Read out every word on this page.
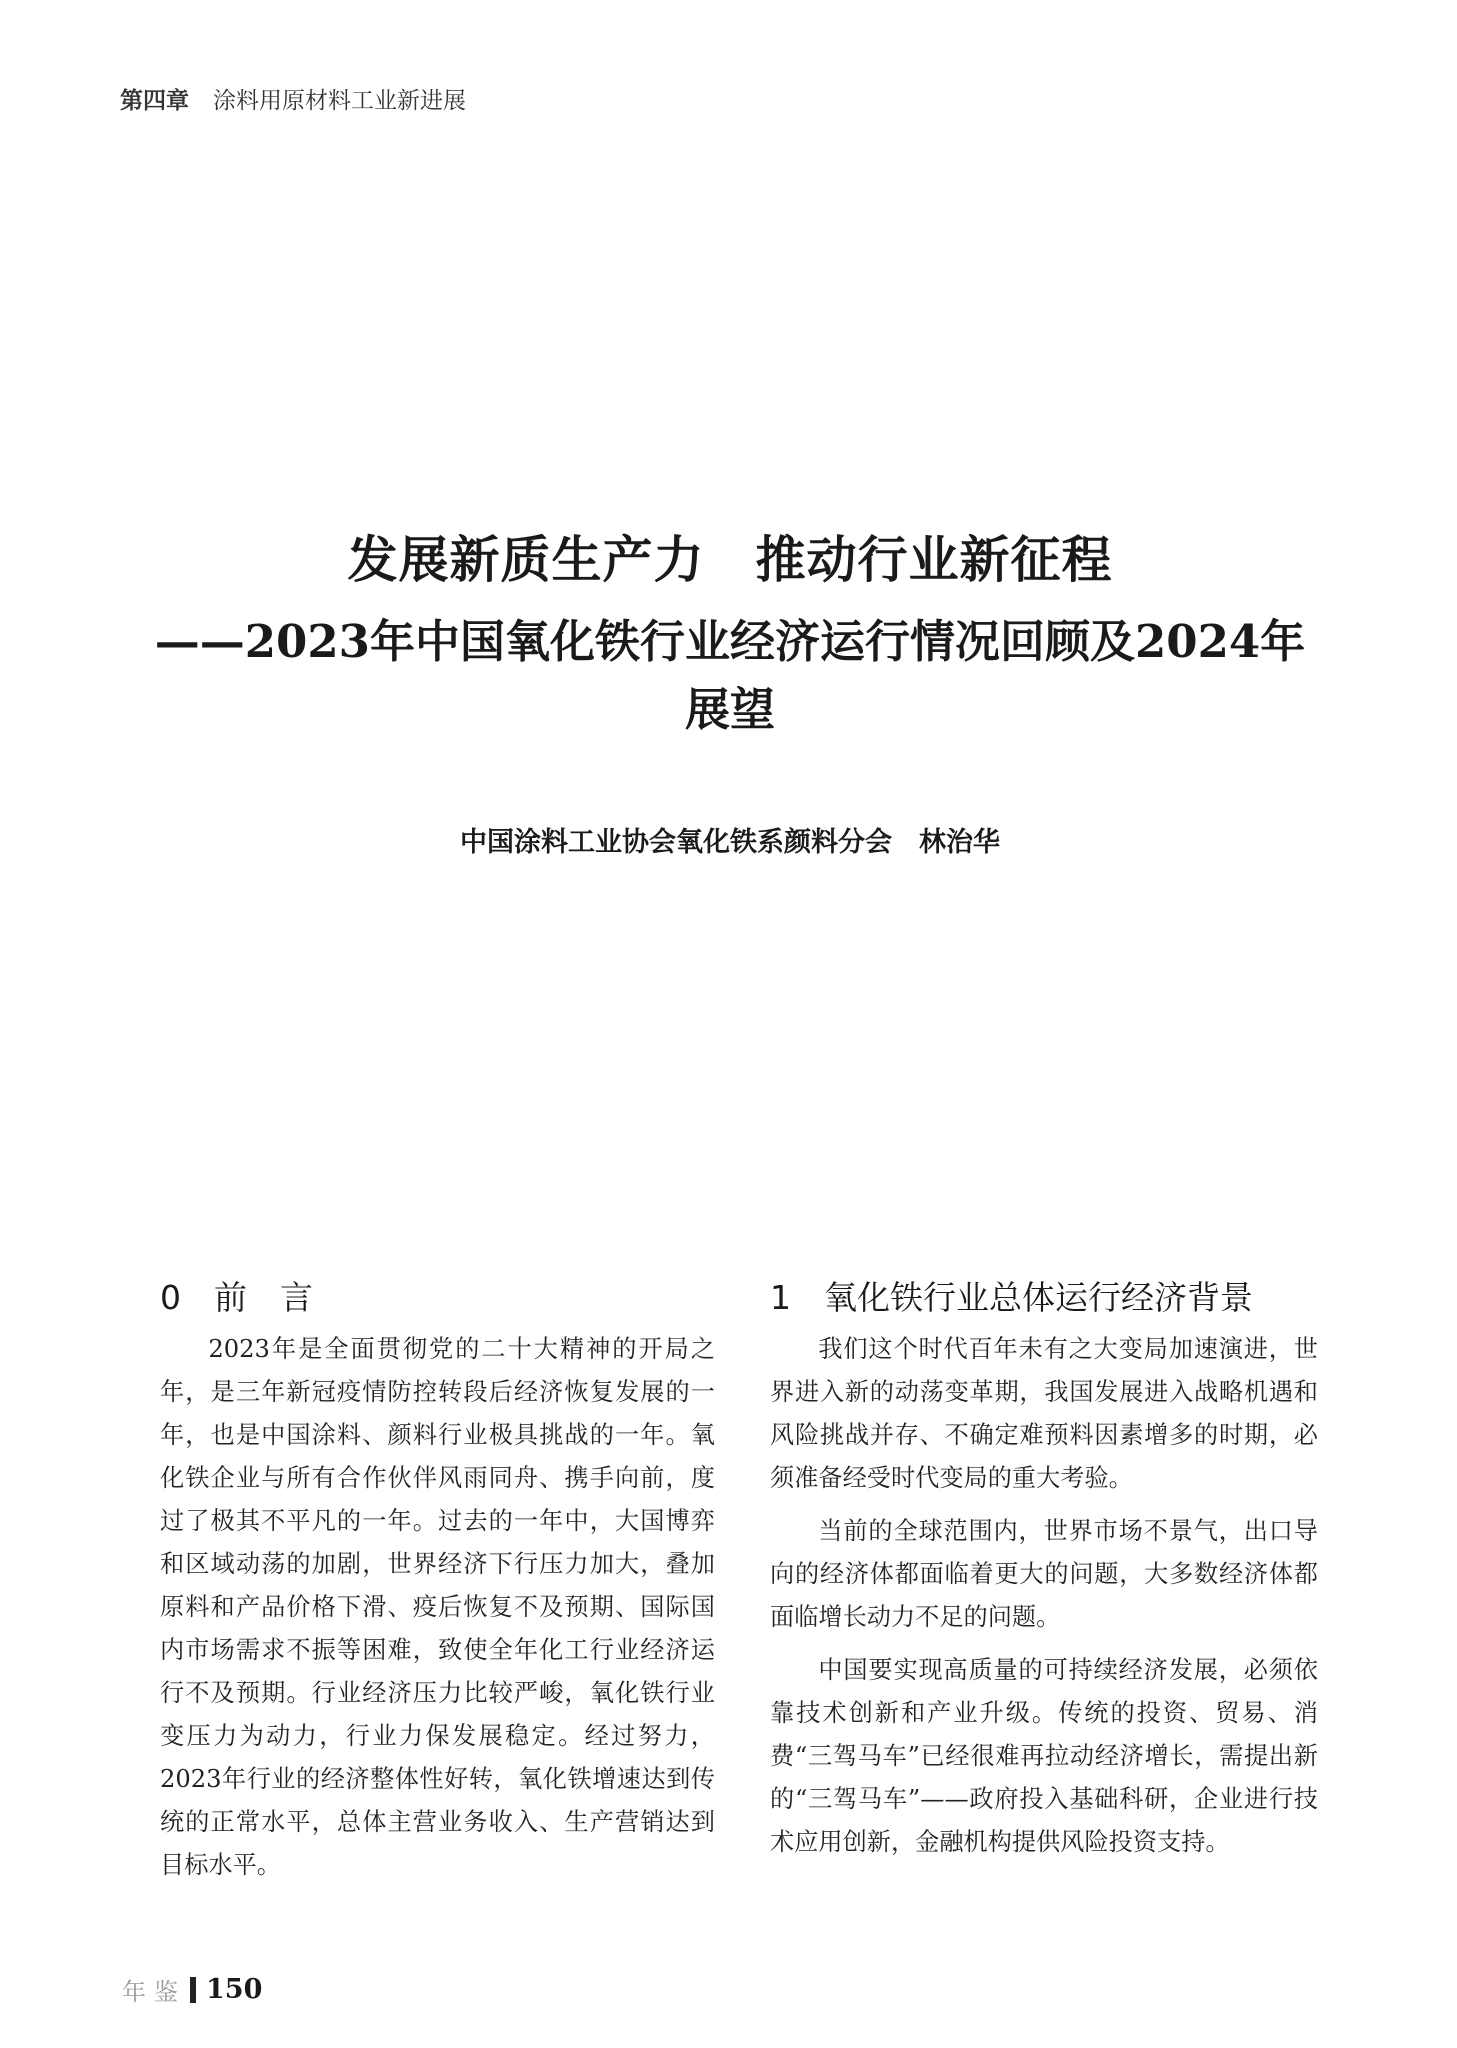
第四章 涂料用原材料工业新进展
发展新质生产力　推动行业新征程
——2023年中国氧化铁行业经济运行情况回顾及2024年展望
中国涂料工业协会氧化铁系颜料分会　林治华
0　前　言

2023年是全面贯彻党的二十大精神的开局之年，是三年新冠疫情防控转段后经济恢复发展的一年，也是中国涂料、颜料行业极具挑战的一年。氧化铁企业与所有合作伙伴风雨同舟、携手向前，度过了极其不平凡的一年。过去的一年中，大国博弈和区域动荡的加剧，世界经济下行压力加大，叠加原料和产品价格下滑、疫后恢复不及预期、国际国内市场需求不振等困难，致使全年化工行业经济运行不及预期。行业经济压力比较严峻，氧化铁行业变压力为动力，行业力保发展稳定。经过努力，2023年行业的经济整体性好转，氧化铁增速达到传统的正常水平，总体主营业务收入、生产营销达到目标水平。

1　氧化铁行业总体运行经济背景

我们这个时代百年未有之大变局加速演进，世界进入新的动荡变革期，我国发展进入战略机遇和风险挑战并存、不确定难预料因素增多的时期，必须准备经受时代变局的重大考验。

当前的全球范围内，世界市场不景气，出口导向的经济体都面临着更大的问题，大多数经济体都面临增长动力不足的问题。

中国要实现高质量的可持续经济发展，必须依靠技术创新和产业升级。传统的投资、贸易、消费“三驾马车”已经很难再拉动经济增长，需提出新的“三驾马车”——政府投入基础科研，企业进行技术应用创新，金融机构提供风险投资支持。

年鉴 150
